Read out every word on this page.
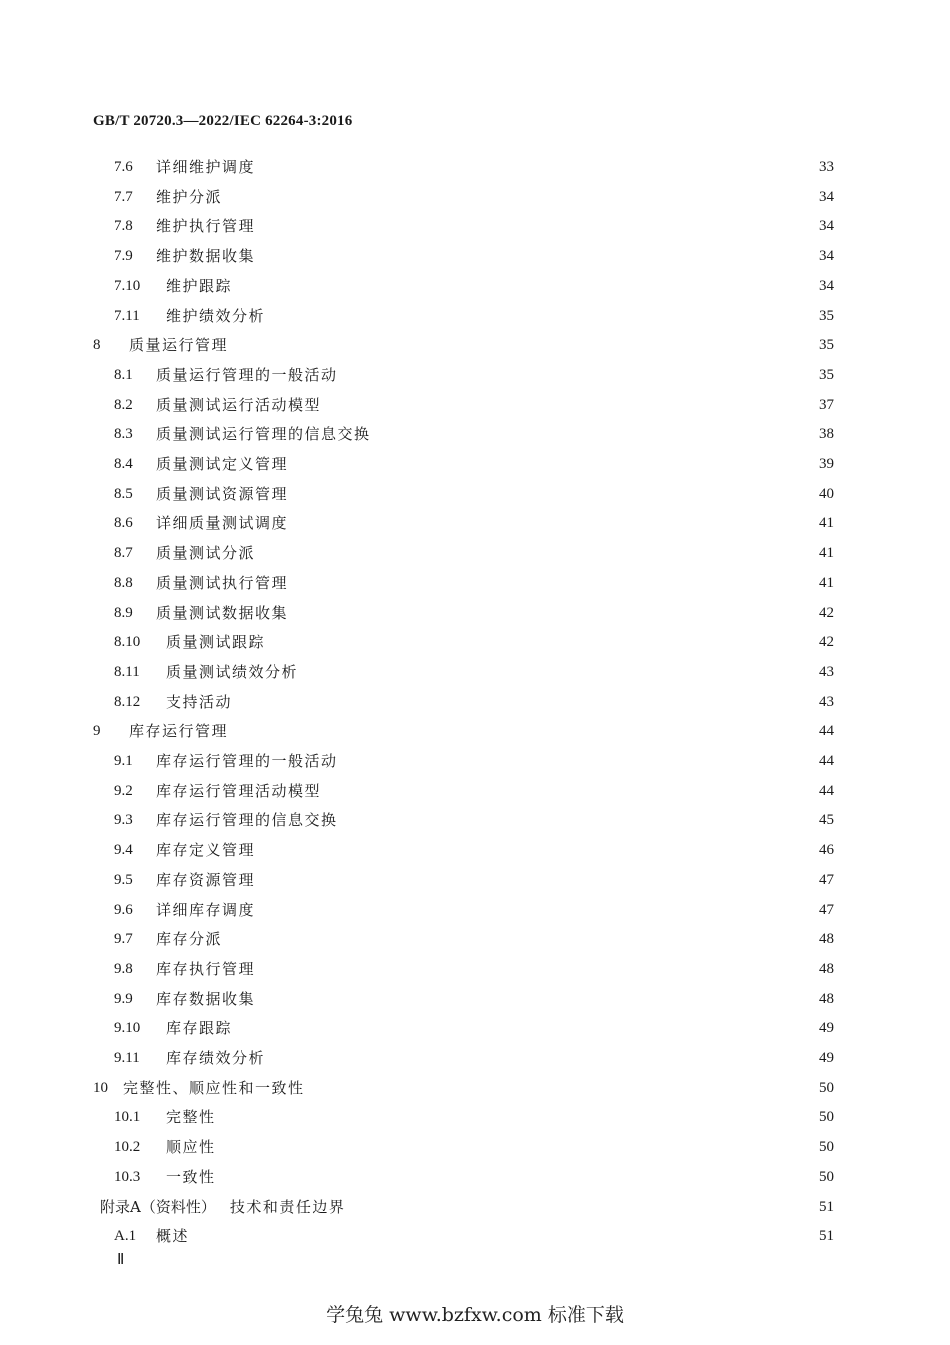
GB/T 20720.3—2022/IEC 62264-3:2016
7.6	详细维护调度	33
7.7	维护分派	34
7.8	维护执行管理	34
7.9	维护数据收集	34
7.10	维护跟踪	34
7.11	维护绩效分析	35
8	质量运行管理	35
8.1	质量运行管理的一般活动	35
8.2	质量测试运行活动模型	37
8.3	质量测试运行管理的信息交换	38
8.4	质量测试定义管理	39
8.5	质量测试资源管理	40
8.6	详细质量测试调度	41
8.7	质量测试分派	41
8.8	质量测试执行管理	41
8.9	质量测试数据收集	42
8.10	质量测试跟踪	42
8.11	质量测试绩效分析	43
8.12	支持活动	43
9	库存运行管理	44
9.1	库存运行管理的一般活动	44
9.2	库存运行管理活动模型	44
9.3	库存运行管理的信息交换	45
9.4	库存定义管理	46
9.5	库存资源管理	47
9.6	详细库存调度	47
9.7	库存分派	48
9.8	库存执行管理	48
9.9	库存数据收集	48
9.10	库存跟踪	49
9.11	库存绩效分析	49
10	完整性、顺应性和一致性	50
10.1	完整性	50
10.2	顺应性	50
10.3	一致性	50
附录A（资料性） 技术和责任边界	51
A.1	概述	51
Ⅱ
学兔兔 www.bzfxw.com 标准下载
